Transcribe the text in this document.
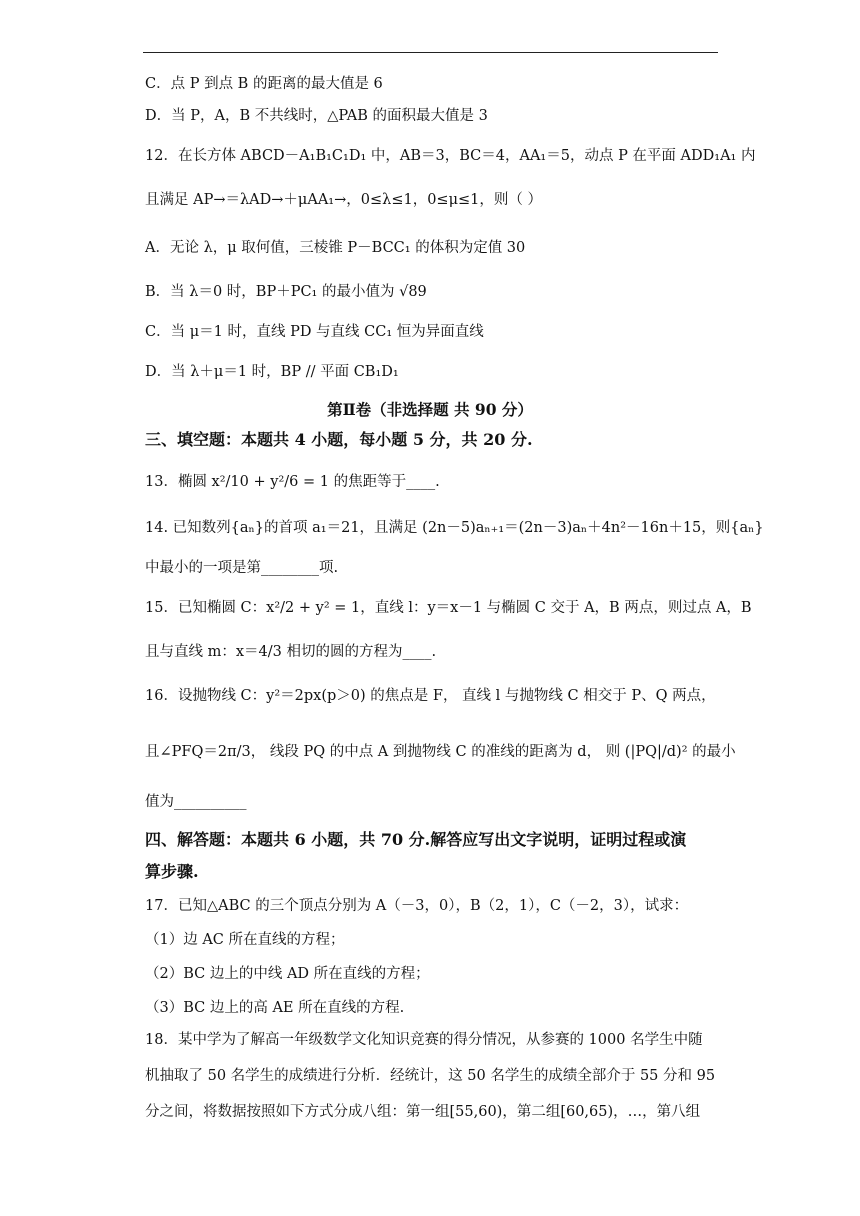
C．点 P 到点 B 的距离的最大值是 6
D．当 P，A，B 不共线时，△PAB 的面积最大值是 3
12．在长方体 ABCD－A₁B₁C₁D₁ 中，AB＝3，BC＝4，AA₁＝5，动点 P 在平面 ADD₁A₁ 内
且满足 AP→＝λAD→＋μAA₁→，0≤λ≤1，0≤μ≤1，则（ ）
A．无论 λ，μ 取何值，三棱锥 P－BCC₁ 的体积为定值 30
B．当 λ＝0 时，BP＋PC₁ 的最小值为 √89
C．当 μ＝1 时，直线 PD 与直线 CC₁ 恒为异面直线
D．当 λ＋μ＝1 时，BP // 平面 CB₁D₁
第Ⅱ卷（非选择题 共 90 分）
三、填空题：本题共 4 小题，每小题 5 分，共 20 分.
13．椭圆 x²/10 + y²/6 = 1 的焦距等于____.
14. 已知数列{aₙ}的首项 a₁＝21，且满足 (2n－5)aₙ₊₁＝(2n－3)aₙ＋4n²－16n＋15，则{aₙ}
中最小的一项是第________项.
15．已知椭圆 C：x²/2 + y² = 1，直线 l：y＝x－1 与椭圆 C 交于 A，B 两点，则过点 A，B
且与直线 m：x＝4/3 相切的圆的方程为____.
16．设抛物线 C：y²＝2px(p＞0) 的焦点是 F， 直线 l 与抛物线 C 相交于 P、Q 两点，
且∠PFQ＝2π/3， 线段 PQ 的中点 A 到抛物线 C 的准线的距离为 d， 则 (|PQ|/d)² 的最小
值为__________
四、解答题：本题共 6 小题，共 70 分.解答应写出文字说明，证明过程或演
算步骤.
17．已知△ABC 的三个顶点分别为 A（－3，0），B（2，1），C（－2，3），试求：
（1）边 AC 所在直线的方程；
（2）BC 边上的中线 AD 所在直线的方程；
（3）BC 边上的高 AE 所在直线的方程.
18．某中学为了解高一年级数学文化知识竞赛的得分情况，从参赛的 1000 名学生中随
机抽取了 50 名学生的成绩进行分析．经统计，这 50 名学生的成绩全部介于 55 分和 95
分之间，将数据按照如下方式分成八组：第一组[55,60)，第二组[60,65)，…，第八组
